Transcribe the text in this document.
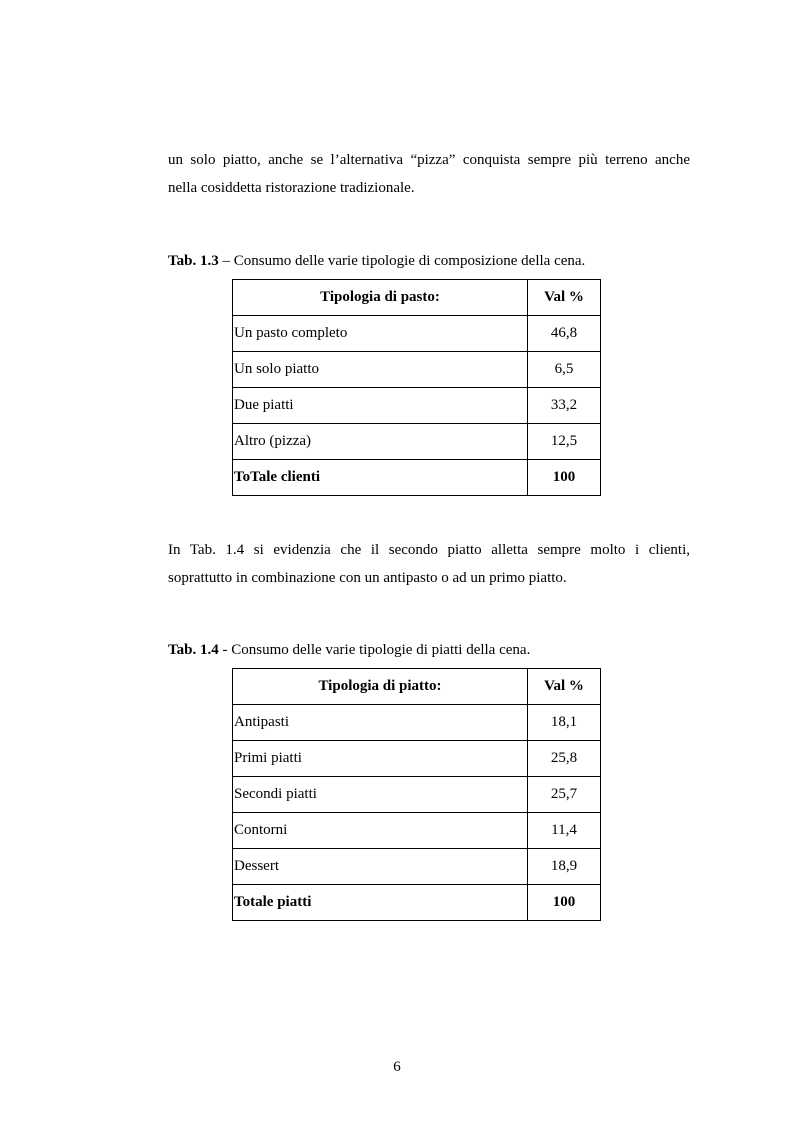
un solo piatto, anche se l’alternativa “pizza” conquista sempre più terreno anche
nella cosiddetta ristorazione tradizionale.

Tab. 1.3 – Consumo delle varie tipologie di composizione della cena.

Tipologia di pasto:	Val %
Un pasto completo	46,8
Un solo piatto	6,5
Due piatti	33,2
Altro (pizza)	12,5
ToTale clienti	100

In Tab. 1.4 si evidenzia che il secondo piatto alletta sempre molto i clienti,
soprattutto in combinazione con un antipasto o ad un primo piatto.

Tab. 1.4 - Consumo delle varie tipologie di piatti della cena.

Tipologia di piatto:	Val %
Antipasti	18,1
Primi piatti	25,8
Secondi piatti	25,7
Contorni	11,4
Dessert	18,9
Totale piatti	100
6
